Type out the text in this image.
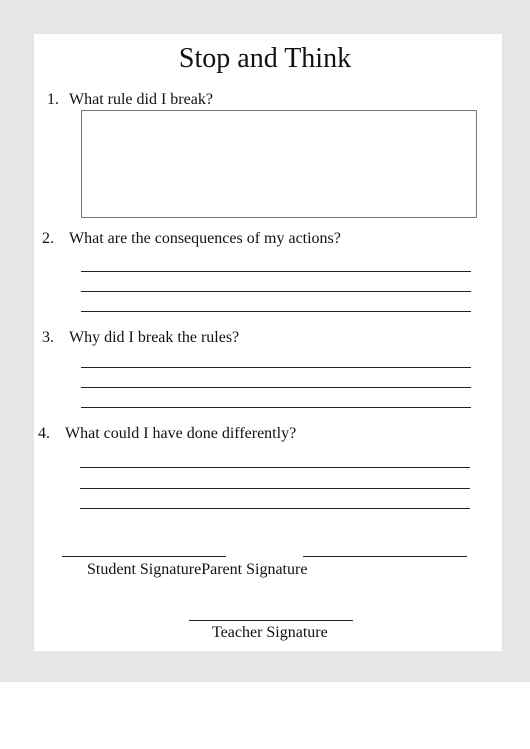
Stop and Think
1. What rule did I break?
2. What are the consequences of my actions?
3. Why did I break the rules?
4. What could I have done differently?
Student SignatureParent Signature
Teacher Signature
